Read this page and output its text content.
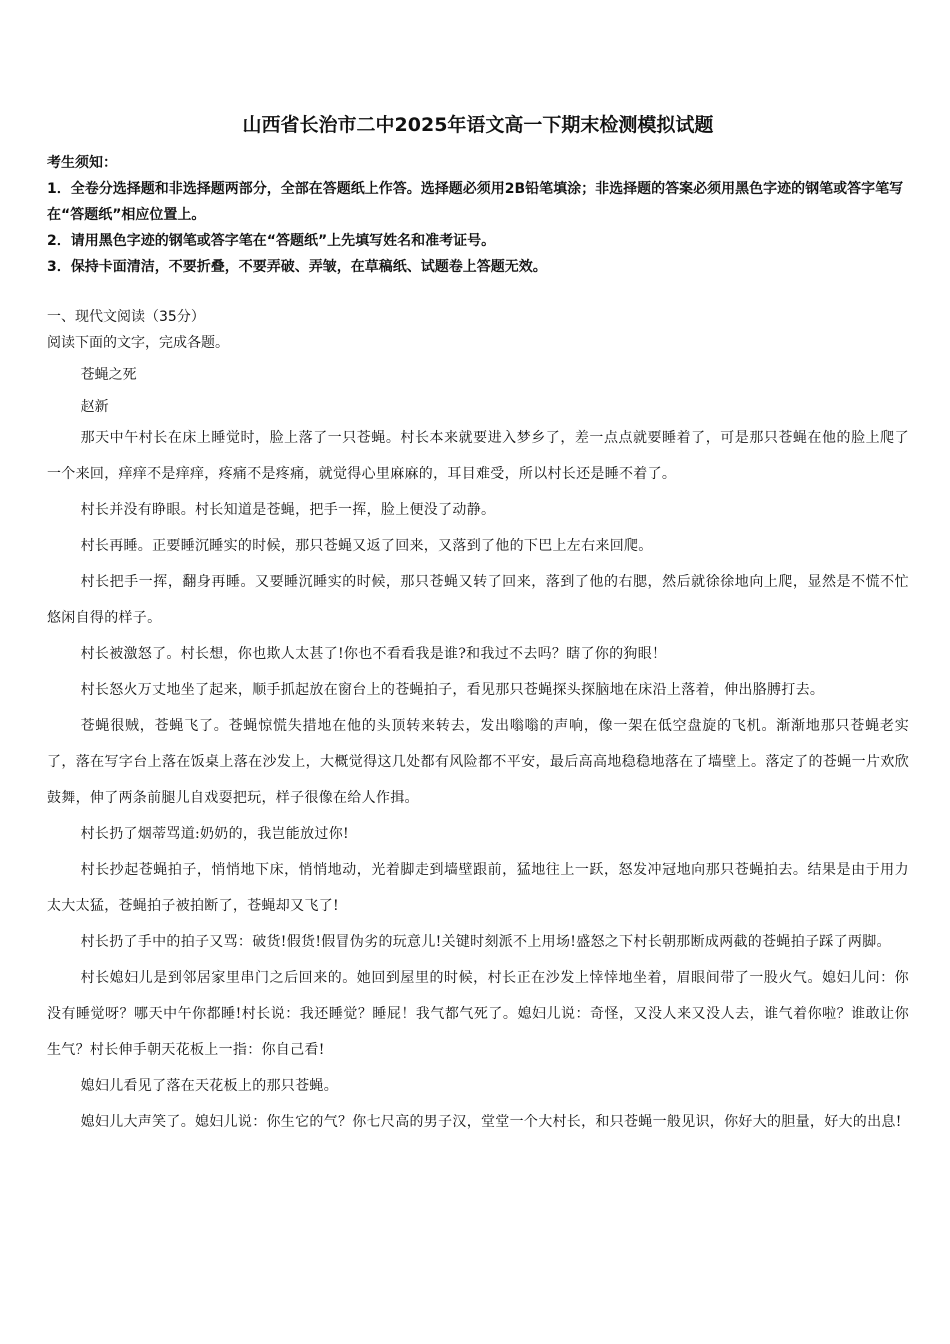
山西省长治市二中2025年语文高一下期末检测模拟试题
考生须知：
1．全卷分选择题和非选择题两部分，全部在答题纸上作答。选择题必须用2B铅笔填涂；非选择题的答案必须用黑色字迹的钢笔或答字笔写在“答题纸”相应位置上。
2．请用黑色字迹的钢笔或答字笔在“答题纸”上先填写姓名和准考证号。
3．保持卡面清洁，不要折叠，不要弄破、弄皱，在草稿纸、试题卷上答题无效。
一、现代文阅读（35分）
阅读下面的文字，完成各题。
苍蝇之死
赵新

那天中午村长在床上睡觉时，脸上落了一只苍蝇。村长本来就要进入梦乡了，差一点点就要睡着了，可是那只苍蝇在他的脸上爬了一个来回，痒痒不是痒痒，疼痛不是疼痛，就觉得心里麻麻的，耳目难受，所以村长还是睡不着了。

村长并没有睁眼。村长知道是苍蝇，把手一挥，脸上便没了动静。

村长再睡。正要睡沉睡实的时候，那只苍蝇又返了回来，又落到了他的下巴上左右来回爬。

村长把手一挥，翻身再睡。又要睡沉睡实的时候，那只苍蝇又转了回来，落到了他的右腮，然后就徐徐地向上爬，显然是不慌不忙悠闲自得的样子。

村长被激怒了。村长想，你也欺人太甚了!你也不看看我是谁?和我过不去吗？瞎了你的狗眼！

村长怒火万丈地坐了起来，顺手抓起放在窗台上的苍蝇拍子，看见那只苍蝇探头探脑地在床沿上落着，伸出胳膊打去。

苍蝇很贼，苍蝇飞了。苍蝇惊慌失措地在他的头顶转来转去，发出嗡嗡的声响，像一架在低空盘旋的飞机。渐渐地那只苍蝇老实了，落在写字台上落在饭桌上落在沙发上，大概觉得这几处都有风险都不平安，最后高高地稳稳地落在了墙壁上。落定了的苍蝇一片欢欣鼓舞，伸了两条前腿儿自戏耍把玩，样子很像在给人作揖。

村长扔了烟蒂骂道:奶奶的，我岂能放过你!

村长抄起苍蝇拍子，悄悄地下床，悄悄地动，光着脚走到墙壁跟前，猛地往上一跃，怒发冲冠地向那只苍蝇拍去。结果是由于用力太大太猛，苍蝇拍子被拍断了，苍蝇却又飞了!

村长扔了手中的拍子又骂：破货!假货!假冒伪劣的玩意儿!关键时刻派不上用场!盛怒之下村长朝那断成两截的苍蝇拍子踩了两脚。

村长媳妇儿是到邻居家里串门之后回来的。她回到屋里的时候，村长正在沙发上悻悻地坐着，眉眼间带了一股火气。媳妇儿问：你没有睡觉呀？哪天中午你都睡!村长说：我还睡觉？睡屁！我气都气死了。媳妇儿说：奇怪，又没人来又没人去，谁气着你啦？谁敢让你生气？村长伸手朝天花板上一指：你自己看!

媳妇儿看见了落在天花板上的那只苍蝇。

媳妇儿大声笑了。媳妇儿说：你生它的气？你七尺高的男子汉，堂堂一个大村长，和只苍蝇一般见识，你好大的胆量，好大的出息!
